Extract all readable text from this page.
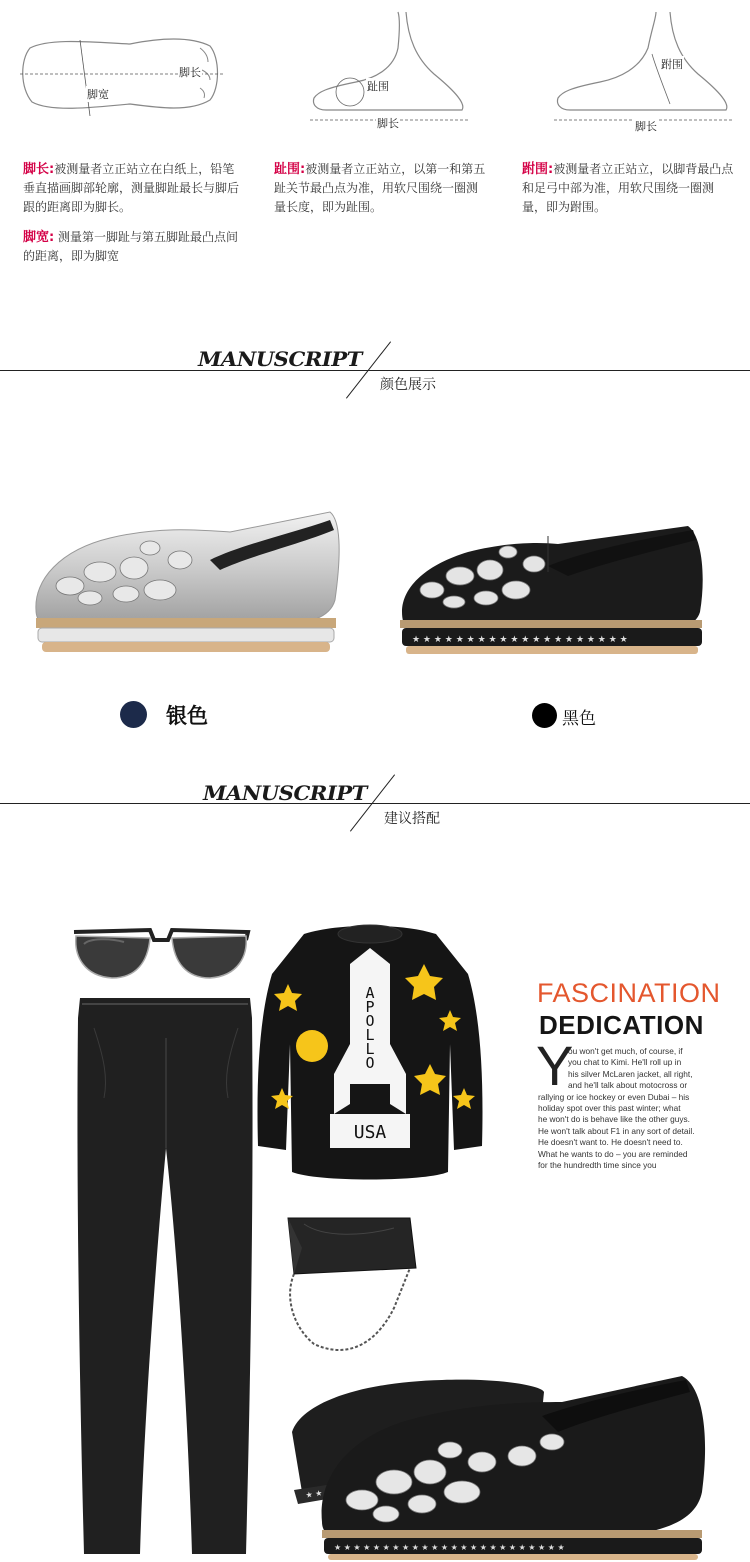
脚长
脚宽
趾围
脚长
跗围
脚长
脚长:被测量者立正站立在白纸上，铅笔垂直描画脚部轮廓，测量脚趾最长与脚后跟的距离即为脚长。
脚宽: 测量第一脚趾与第五脚趾最凸点间的距离，即为脚宽
趾围:被测量者立正站立，以第一和第五趾关节最凸点为准，用软尺围绕一圈测量长度，即为趾围。
跗围:被测量者立正站立，以脚背最凸点和足弓中部为准，用软尺围绕一圈测量，即为跗围。
MANUSCRIPT
颜色展示
★ ★ ★ ★ ★ ★ ★ ★ ★ ★ ★ ★ ★ ★ ★ ★ ★ ★ ★ ★
银色	黑色
MANUSCRIPT
建议搭配
A
P
O
L
L
O
USA
★ ★
★ ★ ★ ★ ★ ★ ★ ★ ★ ★ ★ ★ ★ ★ ★ ★ ★ ★ ★ ★ ★ ★ ★ ★
FASCINATION
DEDICATION
Y
ou won't get much, of course, if
you chat to Kimi. He'll roll up in
his silver McLaren jacket, all right,
and he'll talk about motocross or
rallying or ice hockey or even Dubai – his
holiday spot over this past winter; what
he won't do is behave like the other guys.
He won't talk about F1 in any sort of detail.
He doesn't want to. He doesn't need to.
What he wants to do – you are reminded
for the hundredth time since you
